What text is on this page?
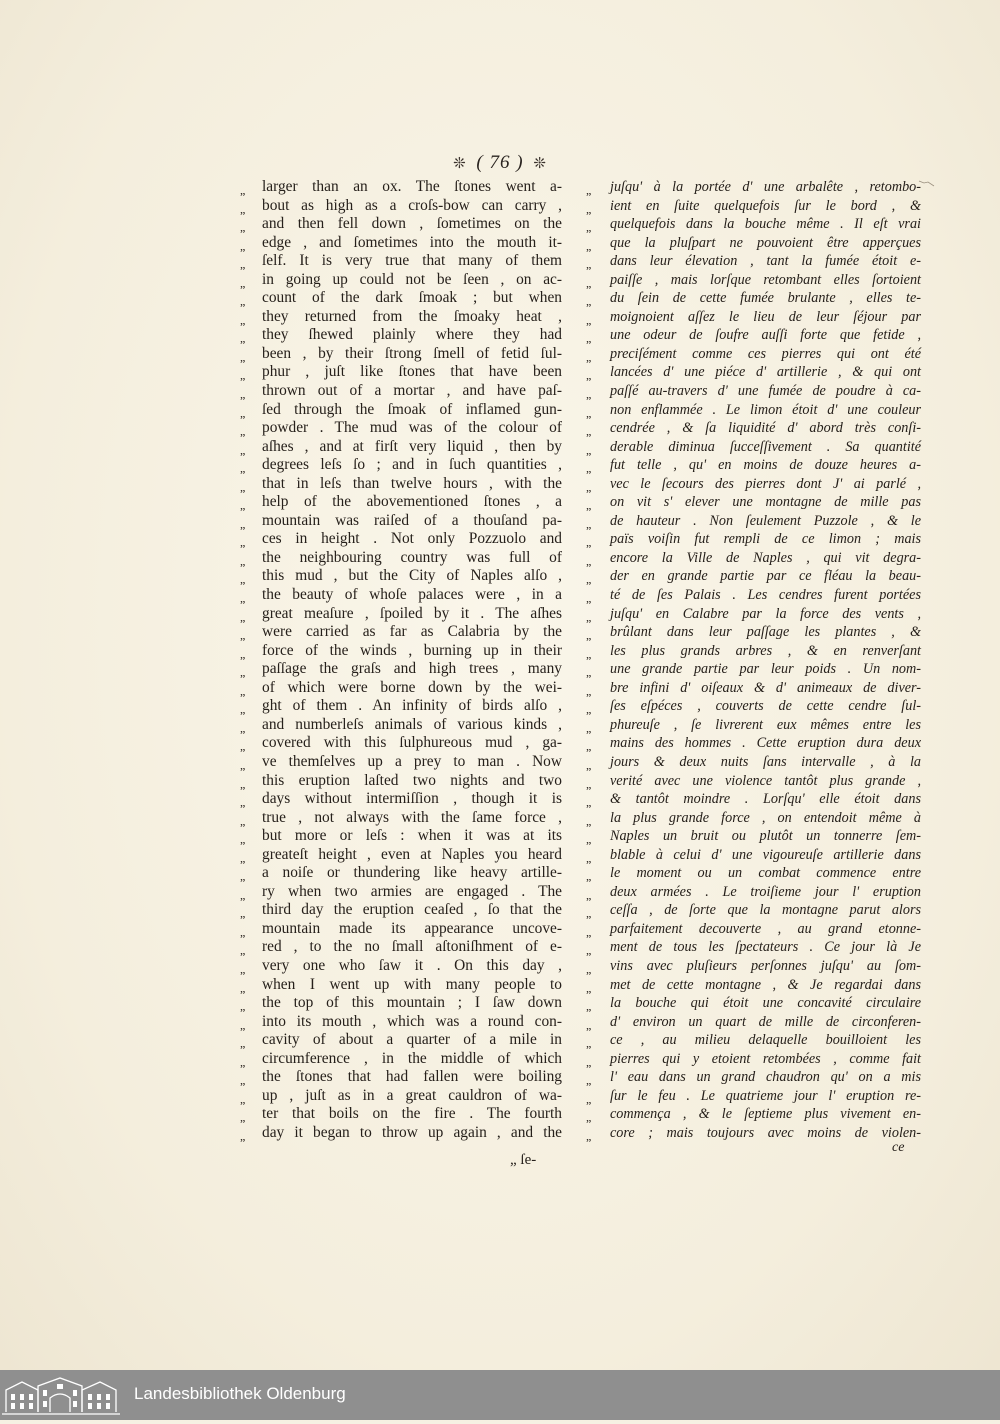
❊ ( 76 ) ❊
„ larger than an ox. The ſtones went a-
„ bout as high as a croſs-bow can carry ,
„ and then fell down , ſometimes on the
„ edge , and ſometimes into the mouth it-
„ ſelf. It is very true that many of them
„ in going up could not be ſeen , on ac-
„ count of the dark ſmoak ; but when
„ they returned from the ſmoaky heat ,
„ they ſhewed plainly where they had
„ been , by their ſtrong ſmell of fetid ſul-
„ phur , juſt like ſtones that have been
„ thrown out of a mortar , and have paſ-
„ ſed through the ſmoak of inflamed gun-
„ powder . The mud was of the colour of
„ aſhes , and at firſt very liquid , then by
„ degrees leſs ſo ; and in ſuch quantities ,
„ that in leſs than twelve hours , with the
„ help of the abovementioned ſtones , a
„ mountain was raiſed of a thouſand pa-
„ ces in height . Not only Pozzuolo and
„ the neighbouring country was full of
„ this mud , but the City of Naples alſo ,
„ the beauty of whoſe palaces were , in a
„ great meaſure , ſpoiled by it . The aſhes
„ were carried as far as Calabria by the
„ force of the winds , burning up in their
„ paſſage the graſs and high trees , many
„ of which were borne down by the wei-
„ ght of them . An infinity of birds alſo ,
„ and numberleſs animals of various kinds ,
„ covered with this ſulphureous mud , ga-
„ ve themſelves up a prey to man . Now
„ this eruption laſted two nights and two
„ days without intermiſſion , though it is
„ true , not always with the ſame force ,
„ but more or leſs : when it was at its
„ greateſt height , even at Naples you heard
„ a noiſe or thundering like heavy artille-
„ ry when two armies are engaged . The
„ third day the eruption ceaſed , ſo that the
„ mountain made its appearance uncove-
„ red , to the no ſmall aſtoniſhment of e-
„ very one who ſaw it . On this day ,
„ when I went up with many people to
„ the top of this mountain ; I ſaw down
„ into its mouth , which was a round con-
„ cavity of about a quarter of a mile in
„ circumference , in the middle of which
„ the ſtones that had fallen were boiling
„ up , juſt as in a great cauldron of wa-
„ ter that boils on the fire . The fourth
„ day it began to throw up again , and the
„ juſqu' à la portée d' une arbalête , retombo-
„ ient en ſuite quelquefois ſur le bord , &
„ quelquefois dans la bouche même . Il eſt vrai
„ que la pluſpart ne pouvoient être apperçues
„ dans leur élevation , tant la fumée étoit e-
„ paiſſe , mais lorſque retombant elles ſortoient
„ du ſein de cette fumée brulante , elles te-
„ moignoient aſſez le lieu de leur ſéjour par
„ une odeur de ſoufre auſſi forte que fetide ,
„ preciſément comme ces pierres qui ont été
„ lancées d' une piéce d' artillerie , & qui ont
„ paſſé au-travers d' une fumée de poudre à ca-
„ non enflammée . Le limon étoit d' une couleur
„ cendrée , & ſa liquidité d' abord très conſi-
„ derable diminua ſucceſſivement . Sa quantité
„ fut telle , qu' en moins de douze heures a-
„ vec le ſecours des pierres dont J' ai parlé ,
„ on vit s' elever une montagne de mille pas
„ de hauteur . Non ſeulement Puzzole , & le
„ païs voiſin fut rempli de ce limon ; mais
„ encore la Ville de Naples , qui vit degra-
„ der en grande partie par ce fléau la beau-
„ té de ſes Palais . Les cendres furent portées
„ juſqu' en Calabre par la force des vents ,
„ brûlant dans leur paſſage les plantes , &
„ les plus grands arbres , & en renverſant
„ une grande partie par leur poids . Un nom-
„ bre infini d' oiſeaux & d' animeaux de diver-
„ ſes eſpéces , couverts de cette cendre ſul-
„ phureuſe , ſe livrerent eux mêmes entre les
„ mains des hommes . Cette eruption dura deux
„ jours & deux nuits ſans intervalle , à la
„ verité avec une violence tantôt plus grande ,
„ & tantôt moindre . Lorſqu' elle étoit dans
„ la plus grande force , on entendoit même à
„ Naples un bruit ou plutôt un tonnerre ſem-
„ blable à celui d' une vigoureuſe artillerie dans
„ le moment ou un combat commence entre
„ deux armées . Le troiſieme jour l' eruption
„ ceſſa , de ſorte que la montagne parut alors
„ parfaitement decouverte , au grand etonne-
„ ment de tous les ſpectateurs . Ce jour là Je
„ vins avec pluſieurs perſonnes juſqu' au ſom-
„ met de cette montagne , & Je regardai dans
„ la bouche qui étoit une concavité circulaire
„ d' environ un quart de mille de circonferen-
„ ce , au milieu delaquelle bouilloient les
„ pierres qui y etoient retombées , comme fait
„ l' eau dans un grand chaudron qu' on a mis
„ ſur le feu . Le quatrieme jour l' eruption re-
„ commença , & le ſeptieme plus vivement en-
„ core ; mais toujours avec moins de violen-
„ ſe-
ce
Landesbibliothek Oldenburg
